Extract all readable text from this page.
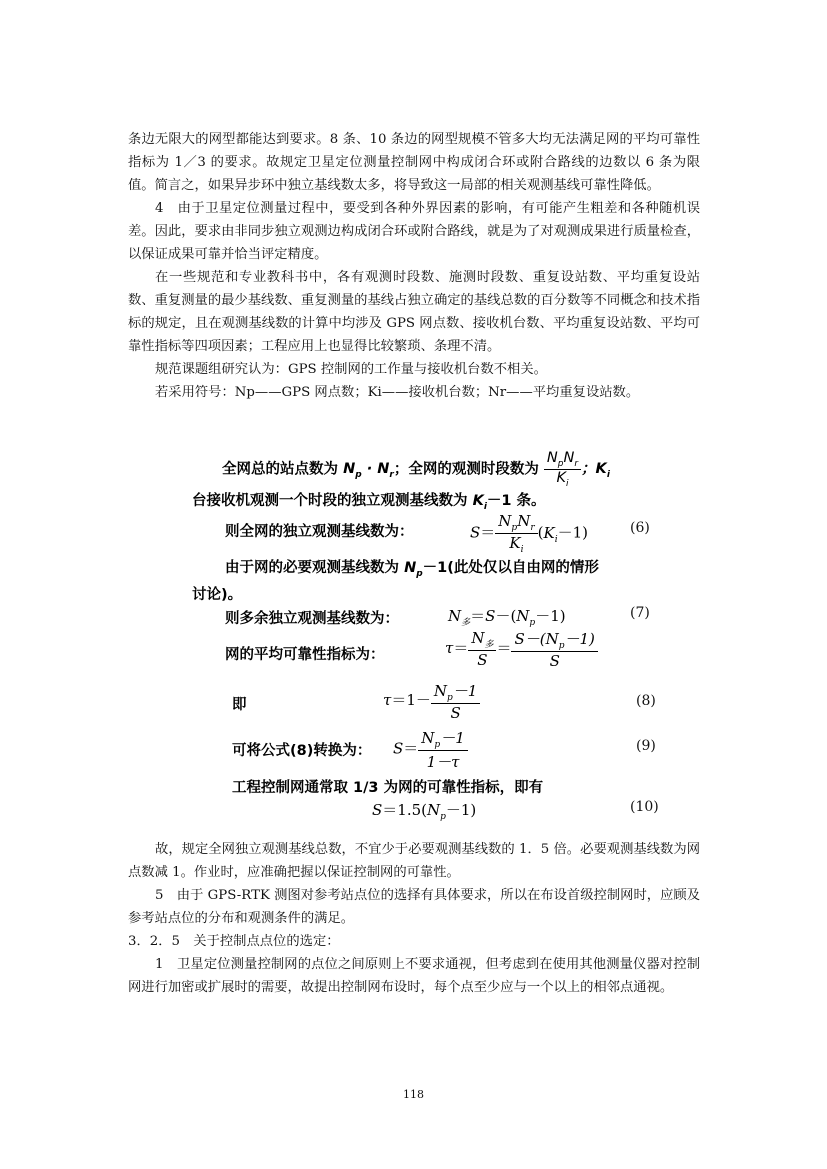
条边无限大的网型都能达到要求。8 条、10 条边的网型规模不管多大均无法满足网的平均可靠性指标为 1／3 的要求。故规定卫星定位测量控制网中构成闭合环或附合路线的边数以 6 条为限值。简言之，如果异步环中独立基线数太多，将导致这一局部的相关观测基线可靠性降低。

4　由于卫星定位测量过程中，要受到各种外界因素的影响，有可能产生粗差和各种随机误差。因此，要求由非同步独立观测边构成闭合环或附合路线，就是为了对观测成果进行质量检查，以保证成果可靠并恰当评定精度。

在一些规范和专业教科书中，各有观测时段数、施测时段数、重复设站数、平均重复设站数、重复测量的最少基线数、重复测量的基线占独立确定的基线总数的百分数等不同概念和技术指标的规定，且在观测基线数的计算中均涉及 GPS 网点数、接收机台数、平均重复设站数、平均可靠性指标等四项因素；工程应用上也显得比较繁琐、条理不清。

规范课题组研究认为：GPS 控制网的工作量与接收机台数不相关。

若采用符号：Np——GPS 网点数；Ki——接收机台数；Nr——平均重复设站数。

全网总的站点数为 $N_p \cdot N_r$；全网的观测时段数为 $\frac{N_pN_r}{K_i}$ ；$K_i$
台接收机观测一个时段的独立观测基线数为 $K_i-1$ 条。
则全网的独立观测基线数为：	$S= \frac{N_pN_r}{K_i} (K_i-1)$	(6)
由于网的必要观测基线数为 $N_p-1$(此处仅以自由网的情形
讨论)。
则多余独立观测基线数为：	$N_多=S-(N_p-1)$	(7)
网的平均可靠性指标为：	$\tau= \frac{N_多}{S} = \frac{S-(N_p-1)}{S}$
即	$\tau=1- \frac{N_p-1}{S}$	(8)
可将公式(8)转换为： $S= \frac{N_p-1}{1-\tau}$	(9)
工程控制网通常取 1/3 为网的可靠性指标，即有
$S=1.5(N_p-1)$	(10)

故，规定全网独立观测基线总数，不宜少于必要观测基线数的 1．5 倍。必要观测基线数为网点数减 1。作业时，应准确把握以保证控制网的可靠性。

5　由于 GPS-RTK 测图对参考站点位的选择有具体要求，所以在布设首级控制网时，应顾及参考站点位的分布和观测条件的满足。

3．2．5　关于控制点点位的选定：

1　卫星定位测量控制网的点位之间原则上不要求通视，但考虑到在使用其他测量仪器对控制网进行加密或扩展时的需要，故提出控制网布设时，每个点至少应与一个以上的相邻点通视。

118
